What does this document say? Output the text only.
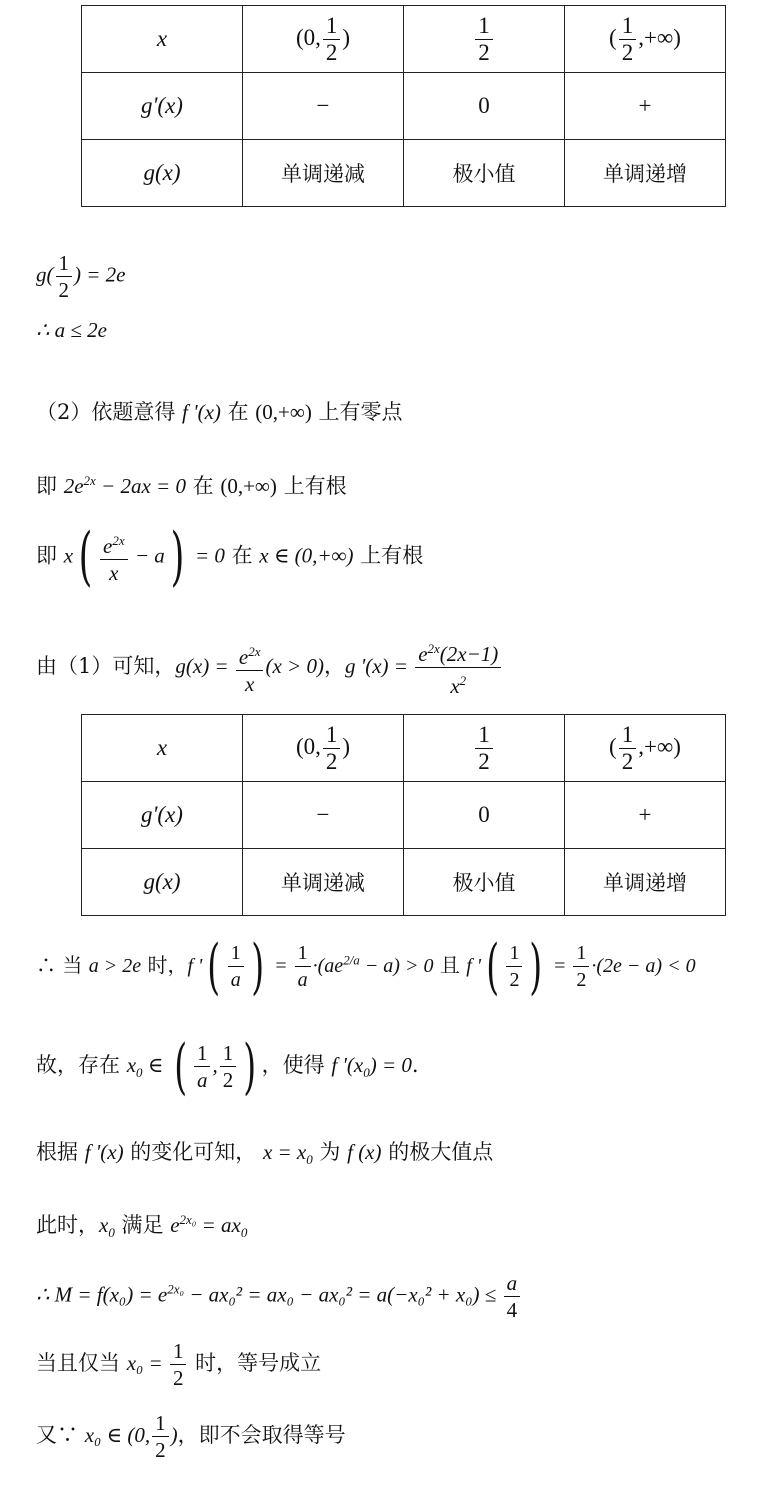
x	(0, $\frac{1}{2}$ )	$\frac{1}{2}$	( $\frac{1}{2}$ ,+∞)
g'(x)	−	0	+
g(x)	单调递减	极小值	单调递增
$g( \frac{1}{2}$ ) = 2e
∴ a ≤ 2e
（2）依题意得 f '(x) 在 (0,+∞) 上有零点
即 $2e^{2x} - 2ax = 0$ 在 (0,+∞) 上有根
即 $x( \frac{e^{2x}}{x} - a) = 0$ 在 x ∈ (0,+∞) 上有根
由（1）可知，$g(x) = \frac{e^{2x}}{x} (x > 0)$，g '$(x) = \frac{e^{2x}(2x-1)}{x^2}$
x	(0, $\frac{1}{2}$ )	$\frac{1}{2}$	( $\frac{1}{2}$ ,+∞)
g'(x)	−	0	+
g(x)	单调递减	极小值	单调递增
∴ 当 a > 2e 时，f '( $\frac{1}{a}$ ) = $\frac{1}{a} \cdot(ae^{2/a} - a) > 0$ 且 f '( $\frac{1}{2}$ ) = $\frac{1}{2} \cdot(2e - a) < 0$
故，存在 $x_0$ ∈ ( $\frac{1}{a}$ , $\frac{1}{2}$ ) ，使得 f '$(x_0) = 0$.
根据 f '(x) 的变化可知， $x = x_0$ 为 f (x) 的极大值点
此时，$x_0$ 满足 $e^{2x_0} = ax_0$
∴ $M = f(x_0) = e^{2x_0} - ax_0^2 = ax_0 - ax_0^2 = a(-x_0^2 + x_0) \le \frac{a}{4}$
当且仅当 $x_0 = \frac{1}{2}$ 时，等号成立
又∵ x₀ ∈ (0, $\frac{1}{2}$ )，即不会取得等号
